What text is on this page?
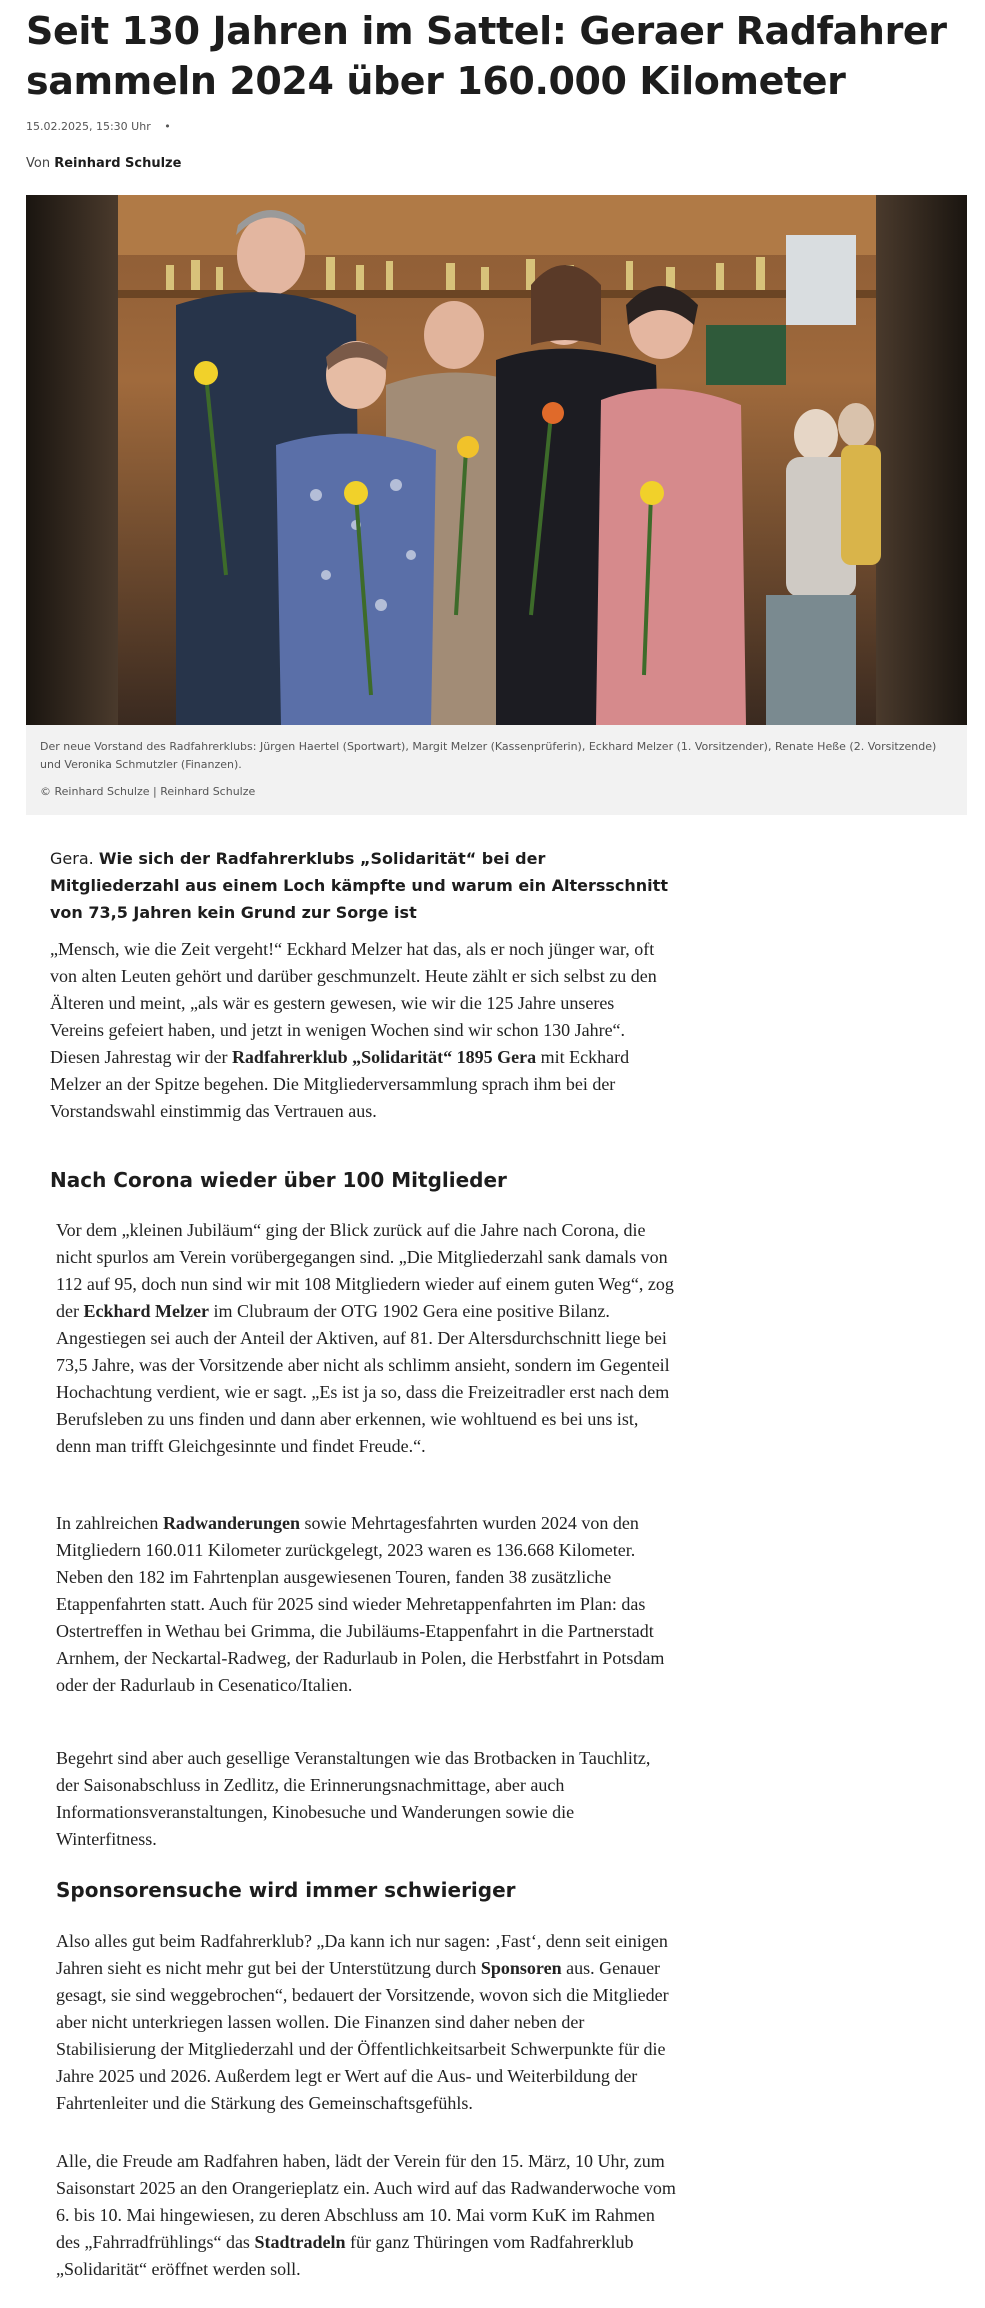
Seit 130 Jahren im Sattel: Geraer Radfahrer sammeln 2024 über 160.000 Kilometer
15.02.2025, 15:30 Uhr •
Von Reinhard Schulze
Der neue Vorstand des Radfahrerklubs: Jürgen Haertel (Sportwart), Margit Melzer (Kassenprüferin), Eckhard Melzer (1. Vorsitzender), Renate Heße (2. Vorsitzende) und Veronika Schmutzler (Finanzen).
© Reinhard Schulze | Reinhard Schulze

Gera. Wie sich der Radfahrerklubs „Solidarität“ bei der Mitgliederzahl aus einem Loch kämpfte und warum ein Altersschnitt von 73,5 Jahren kein Grund zur Sorge ist

„Mensch, wie die Zeit vergeht!“ Eckhard Melzer hat das, als er noch jünger war, oft von alten Leuten gehört und darüber geschmunzelt. Heute zählt er sich selbst zu den Älteren und meint, „als wär es gestern gewesen, wie wir die 125 Jahre unseres Vereins gefeiert haben, und jetzt in wenigen Wochen sind wir schon 130 Jahre“. Diesen Jahrestag wir der Radfahrerklub „Solidarität“ 1895 Gera mit Eckhard Melzer an der Spitze begehen. Die Mitgliederversammlung sprach ihm bei der Vorstandswahl einstimmig das Vertrauen aus.

Nach Corona wieder über 100 Mitglieder

Vor dem „kleinen Jubiläum“ ging der Blick zurück auf die Jahre nach Corona, die nicht spurlos am Verein vorübergegangen sind. „Die Mitgliederzahl sank damals von 112 auf 95, doch nun sind wir mit 108 Mitgliedern wieder auf einem guten Weg“, zog der Eckhard Melzer im Clubraum der OTG 1902 Gera eine positive Bilanz. Angestiegen sei auch der Anteil der Aktiven, auf 81. Der Altersdurchschnitt liege bei 73,5 Jahre, was der Vorsitzende aber nicht als schlimm ansieht, sondern im Gegenteil Hochachtung verdient, wie er sagt. „Es ist ja so, dass die Freizeitradler erst nach dem Berufsleben zu uns finden und dann aber erkennen, wie wohltuend es bei uns ist, denn man trifft Gleichgesinnte und findet Freude.“.

In zahlreichen Radwanderungen sowie Mehrtagesfahrten wurden 2024 von den Mitgliedern 160.011 Kilometer zurückgelegt, 2023 waren es 136.668 Kilometer. Neben den 182 im Fahrtenplan ausgewiesenen Touren, fanden 38 zusätzliche Etappenfahrten statt. Auch für 2025 sind wieder Mehretappenfahrten im Plan: das Ostertreffen in Wethau bei Grimma, die Jubiläums-Etappenfahrt in die Partnerstadt Arnhem, der Neckartal-Radweg, der Radurlaub in Polen, die Herbstfahrt in Potsdam oder der Radurlaub in Cesenatico/Italien.

Begehrt sind aber auch gesellige Veranstaltungen wie das Brotbacken in Tauchlitz, der Saisonabschluss in Zedlitz, die Erinnerungsnachmittage, aber auch Informationsveranstaltungen, Kinobesuche und Wanderungen sowie die Winterfitness.

Sponsorensuche wird immer schwieriger

Also alles gut beim Radfahrerklub? „Da kann ich nur sagen: ‚Fast‘, denn seit einigen Jahren sieht es nicht mehr gut bei der Unterstützung durch Sponsoren aus. Genauer gesagt, sie sind weggebrochen“, bedauert der Vorsitzende, wovon sich die Mitglieder aber nicht unterkriegen lassen wollen. Die Finanzen sind daher neben der Stabilisierung der Mitgliederzahl und der Öffentlichkeitsarbeit Schwerpunkte für die Jahre 2025 und 2026. Außerdem legt er Wert auf die Aus- und Weiterbildung der Fahrtenleiter und die Stärkung des Gemeinschaftsgefühls.

Alle, die Freude am Radfahren haben, lädt der Verein für den 15. März, 10 Uhr, zum Saisonstart 2025 an den Orangerieplatz ein. Auch wird auf das Radwanderwoche vom 6. bis 10. Mai hingewiesen, zu deren Abschluss am 10. Mai vorm KuK im Rahmen des „Fahrradfrühlings“ das Stadtradeln für ganz Thüringen vom Radfahrerklub „Solidarität“ eröffnet werden soll.
